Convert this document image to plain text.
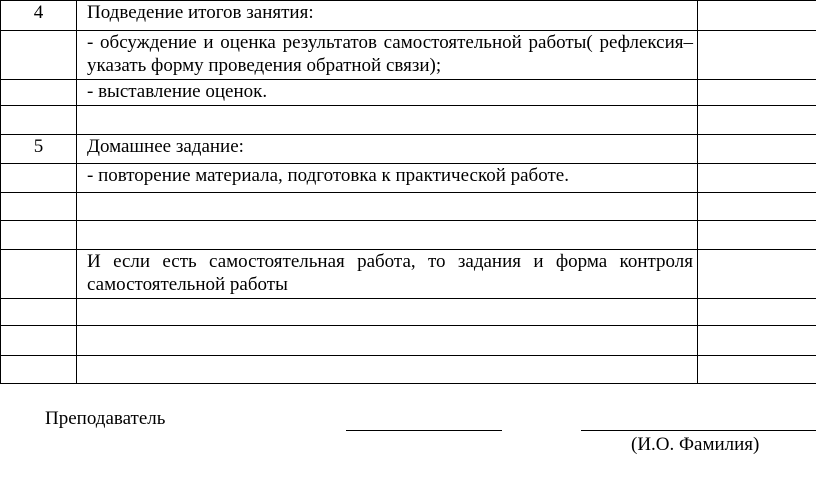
4	Подведение итогов занятия:	
	- обсуждение и оценка результатов самостоятельной работы( рефлексия– указать форму проведения обратной связи);	
	- выставление оценок.	

5	Домашнее задание:	
	- повторение материала, подготовка к практической работе.	

	И если есть самостоятельная работа, то задания и форма контроля самостоятельной работы	

Преподаватель
(И.О. Фамилия)
